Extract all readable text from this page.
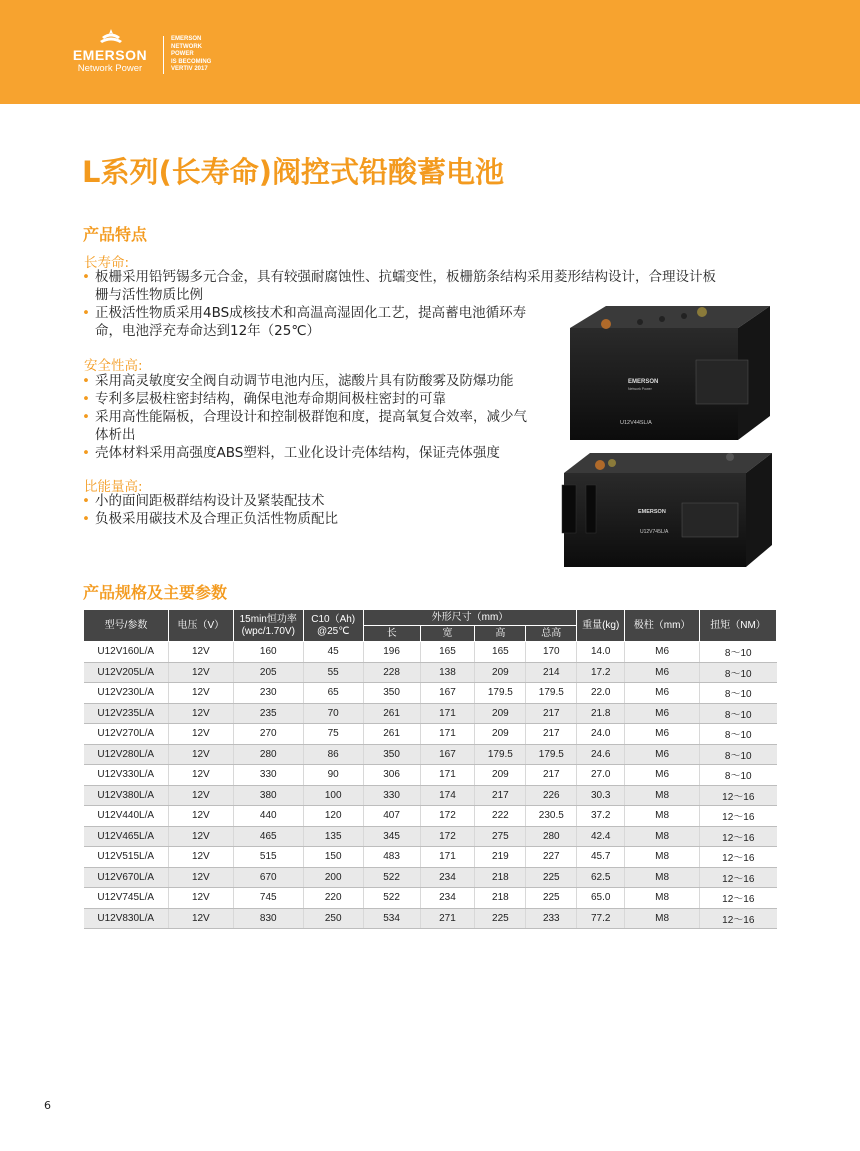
EMERSON
Network Power
EMERSON
NETWORK
POWER
IS BECOMING
VERTIV 2017
L系列(长寿命)阀控式铅酸蓄电池
产品特点
长寿命:
• 板栅采用铅钙锡多元合金，具有较强耐腐蚀性、抗蠕变性，板栅筋条结构采用菱形结构设计，合理设计板
栅与活性物质比例
• 正极活性物质采用4BS成核技术和高温高湿固化工艺，提高蓄电池循环寿
命，电池浮充寿命达到12年（25℃）
安全性高:
• 采用高灵敏度安全阀自动调节电池内压，滤酸片具有防酸雾及防爆功能
• 专利多层极柱密封结构，确保电池寿命期间极柱密封的可靠
• 采用高性能隔板，合理设计和控制极群饱和度，提高氧复合效率，减少气
体析出
• 壳体材料采用高强度ABS塑料，工业化设计壳体结构，保证壳体强度
比能量高:
• 小的面间距极群结构设计及紧装配技术
• 负极采用碳技术及合理正负活性物质配比
EMERSON
Network Power
U12V44SL/A
EMERSON
U12V745L/A
产品规格及主要参数
型号/参数	电压（V）	15min恒功率
(wpc/1.70V)	C10（Ah)
@25℃	外形尺寸（mm）				重量(kg)	极柱（mm）	扭矩（NM）
				长	宽	高	总高			
U12V160L/A	12V	160	45	196	165	165	170	14.0	M6	8～10
U12V205L/A	12V	205	55	228	138	209	214	17.2	M6	8～10
U12V230L/A	12V	230	65	350	167	179.5	179.5	22.0	M6	8～10
U12V235L/A	12V	235	70	261	171	209	217	21.8	M6	8～10
U12V270L/A	12V	270	75	261	171	209	217	24.0	M6	8～10
U12V280L/A	12V	280	86	350	167	179.5	179.5	24.6	M6	8～10
U12V330L/A	12V	330	90	306	171	209	217	27.0	M6	8～10
U12V380L/A	12V	380	100	330	174	217	226	30.3	M8	12～16
U12V440L/A	12V	440	120	407	172	222	230.5	37.2	M8	12～16
U12V465L/A	12V	465	135	345	172	275	280	42.4	M8	12～16
U12V515L/A	12V	515	150	483	171	219	227	45.7	M8	12～16
U12V670L/A	12V	670	200	522	234	218	225	62.5	M8	12～16
U12V745L/A	12V	745	220	522	234	218	225	65.0	M8	12～16
U12V830L/A	12V	830	250	534	271	225	233	77.2	M8	12～16
6
